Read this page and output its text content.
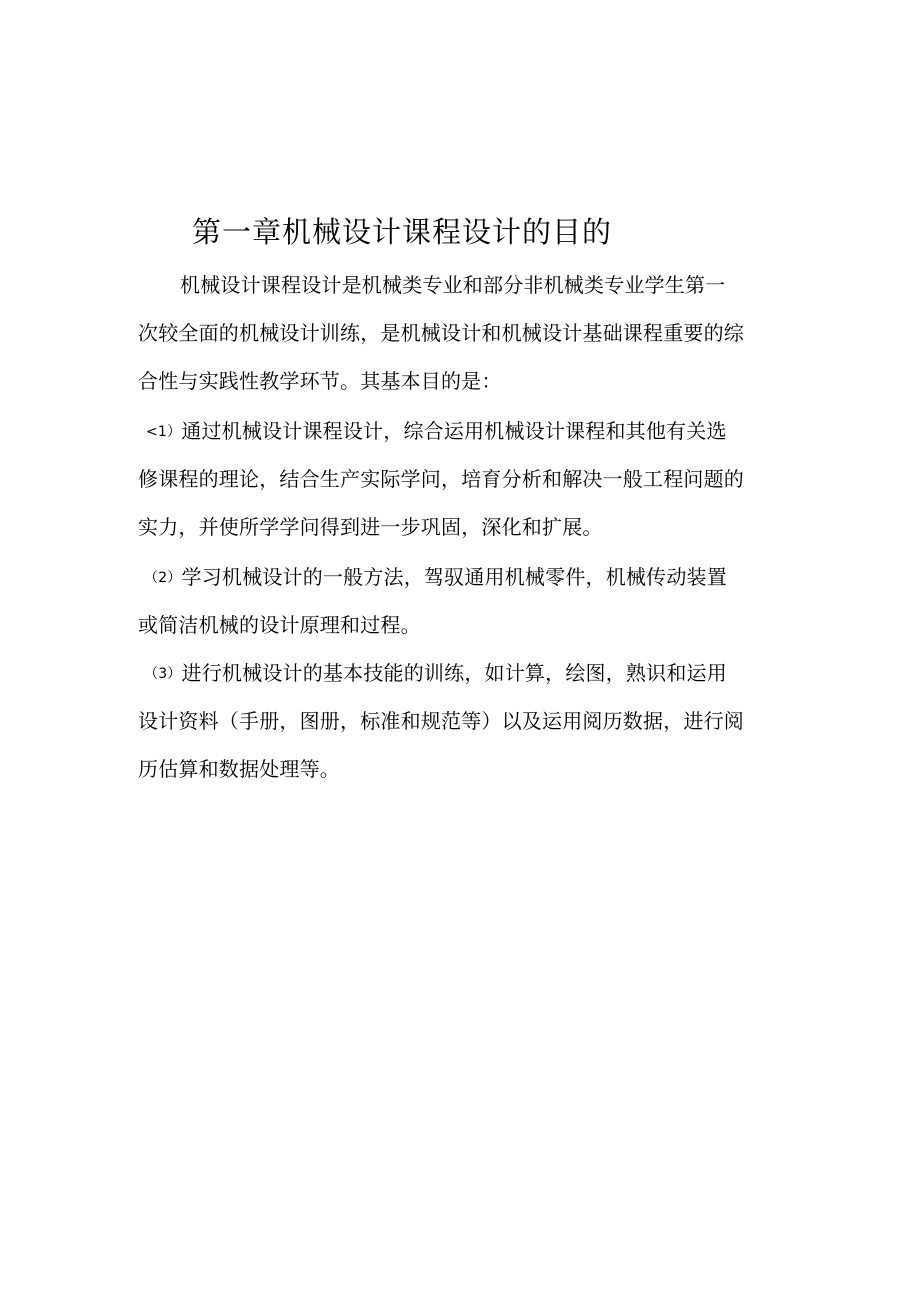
第一章机械设计课程设计的目的
机械设计课程设计是机械类专业和部分非机械类专业学生第一
次较全面的机械设计训练，是机械设计和机械设计基础课程重要的综
合性与实践性教学环节。其基本目的是：
<1）通过机械设计课程设计，综合运用机械设计课程和其他有关选
修课程的理论，结合生产实际学问，培育分析和解决一般工程问题的
实力，并使所学学问得到进一步巩固，深化和扩展。
（2）学习机械设计的一般方法，驾驭通用机械零件，机械传动装置
或简洁机械的设计原理和过程。
（3）进行机械设计的基本技能的训练，如计算，绘图，熟识和运用
设计资料（手册，图册，标准和规范等）以及运用阅历数据，进行阅
历估算和数据处理等。
